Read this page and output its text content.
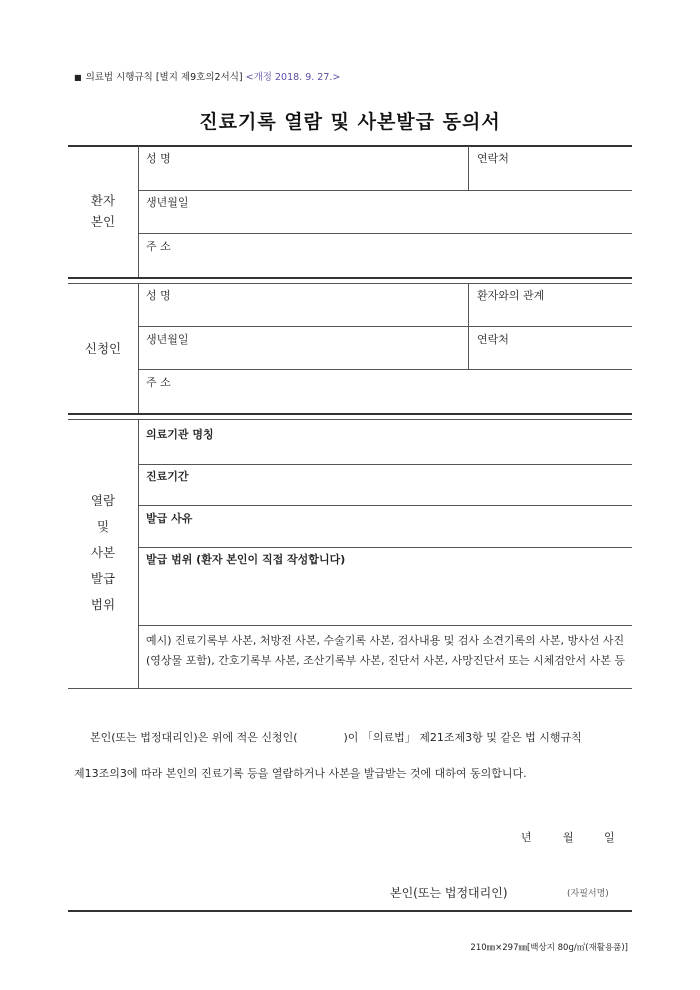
■ 의료법 시행규칙 [별지 제9호의2서식] <개정 2018. 9. 27.>
진료기록 열람 및 사본발급 동의서
환자
본인
성 명	연락처
생년월일
주 소
신청인
성 명	환자와의 관계
생년월일	연락처
주 소
열람
및
사본
발급
범위
의료기관 명칭
진료기간
발급 사유
발급 범위 (환자 본인이 직접 작성합니다)
예시) 진료기록부 사본, 처방전 사본, 수술기록 사본, 검사내용 및 검사 소견기록의 사본, 방사선 사진(영상물 포함), 간호기록부 사본, 조산기록부 사본, 진단서 사본, 사망진단서 또는 시체검안서 사본 등
본인(또는 법정대리인)은 위에 적은 신청인(	)이 「의료법」 제21조제3항 및 같은 법 시행규칙
제13조의3에 따라 본인의 진료기록 등을 열람하거나 사본을 발급받는 것에 대하여 동의합니다.
년	월	일
본인(또는 법정대리인)	(자필서명)
210㎜×297㎜[백상지 80g/㎡(재활용품)]
